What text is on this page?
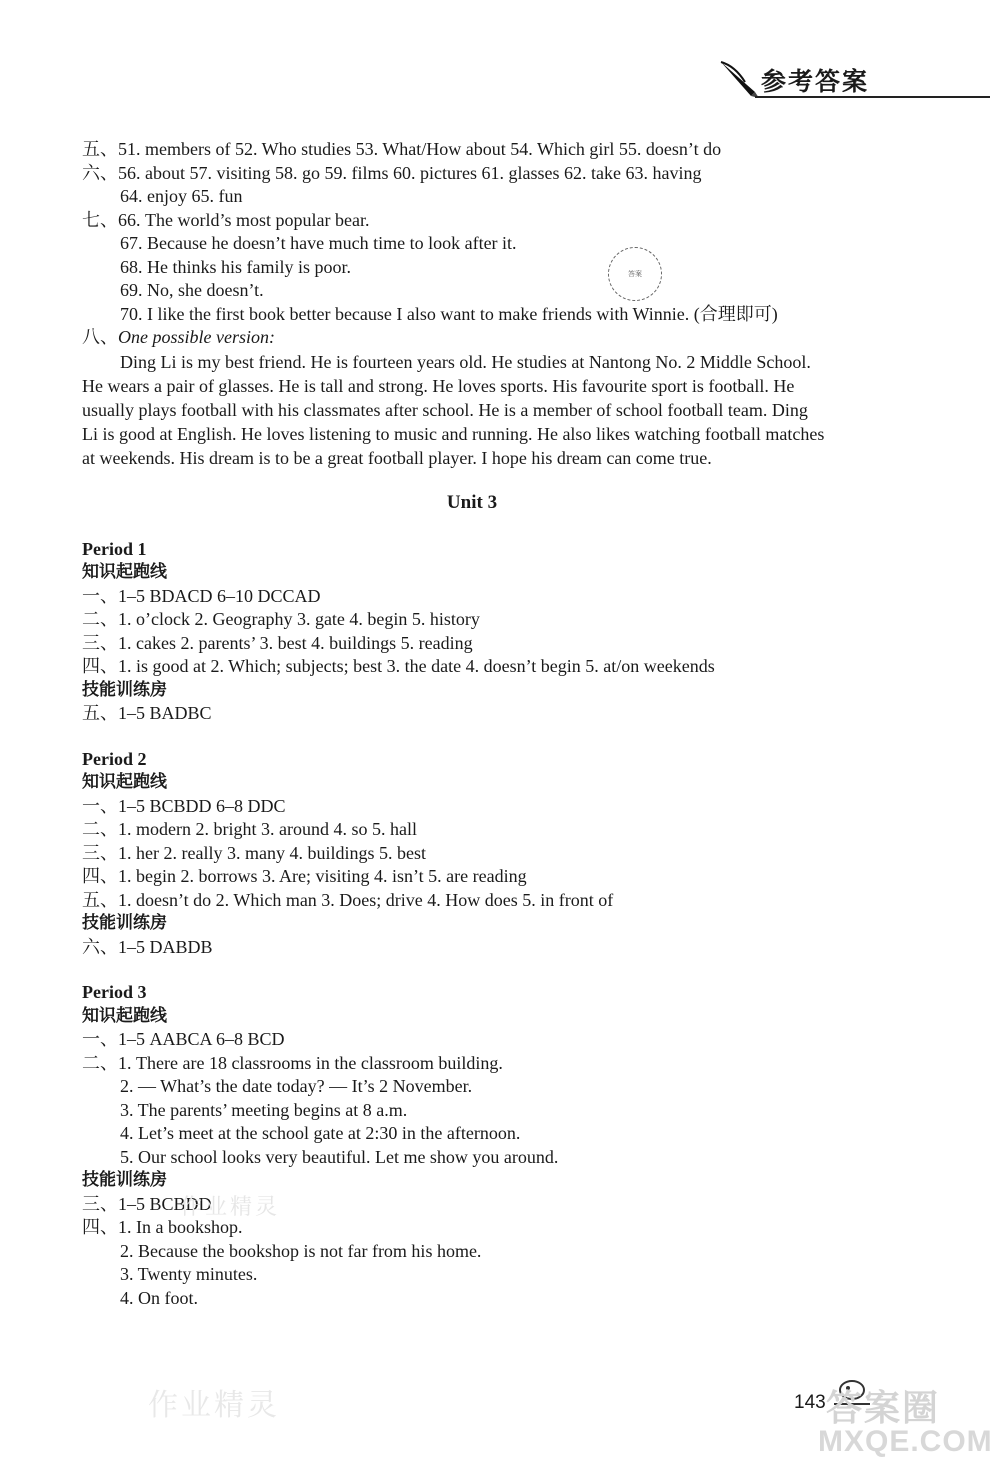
参考答案
答案
五、51. members of 52. Who studies 53. What/How about 54. Which girl 55. doesn’t do
六、56. about 57. visiting 58. go 59. films 60. pictures 61. glasses 62. take 63. having
64. enjoy 65. fun
七、66. The world’s most popular bear.
67. Because he doesn’t have much time to look after it.
68. He thinks his family is poor.
69. No, she doesn’t.
70. I like the first book better because I also want to make friends with Winnie. (合理即可)
八、One possible version:

Ding Li is my best friend. He is fourteen years old. He studies at Nantong No. 2 Middle School.

He wears a pair of glasses. He is tall and strong. He loves sports. His favourite sport is football. He

usually plays football with his classmates after school. He is a member of school football team. Ding

Li is good at English. He loves listening to music and running. He also likes watching football matches

at weekends. His dream is to be a great football player. I hope his dream can come true.

Unit 3
Period 1
知识起跑线
一、1–5 BDACD 6–10 DCCAD
二、1. o’clock 2. Geography 3. gate 4. begin 5. history
三、1. cakes 2. parents’ 3. best 4. buildings 5. reading
四、1. is good at 2. Which; subjects; best 3. the date 4. doesn’t begin 5. at/on weekends
技能训练房
五、1–5 BADBC
Period 2
知识起跑线
一、1–5 BCBDD 6–8 DDC
二、1. modern 2. bright 3. around 4. so 5. hall
三、1. her 2. really 3. many 4. buildings 5. best
四、1. begin 2. borrows 3. Are; visiting 4. isn’t 5. are reading
五、1. doesn’t do 2. Which man 3. Does; drive 4. How does 5. in front of
技能训练房
六、1–5 DABDB
Period 3
知识起跑线
一、1–5 AABCA 6–8 BCD
二、1. There are 18 classrooms in the classroom building.
2. — What’s the date today? — It’s 2 November.
3. The parents’ meeting begins at 8 a.m.
4. Let’s meet at the school gate at 2:30 in the afternoon.
5. Our school looks very beautiful. Let me show you around.
技能训练房
三、1–5 BCBDD
四、1. In a bookshop.
2. Because the bookshop is not far from his home.
3. Twenty minutes.
4. On foot.
作业精灵
作业精灵	143 答案圈
MXQE.COM
